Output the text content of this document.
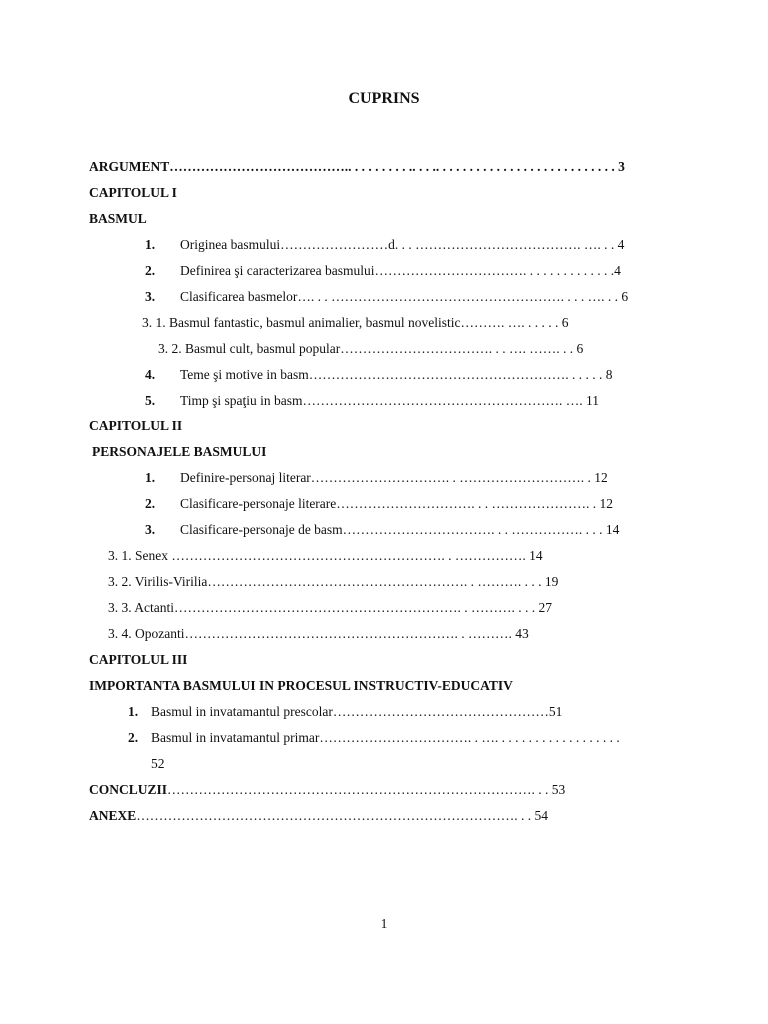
CUPRINS
ARGUMENT………………………………….. . . . . . . . . .. . . .. . . . . . . . . . . . . . . . . . . . . . . . . . . 3
CAPITOLUL I
BASMUL
1. Originea basmului……………………d. . . ………………………………. …. . . 4
2. Definirea şi caracterizarea basmului……………………………. . . . . . . . . . . . . .4
3. Clasificarea basmelor…. . . ……………………………………………. . . . …. . . 6
3. 1. Basmul fantastic, basmul animalier, basmul novelistic………. …. . . . . . 6
3. 2. Basmul cult, basmul popular……………………………. . . …. ……. . . 6
4. Teme şi motive in basm…………………………………………………. . . . . . 8
5. Timp şi spaţiu in basm…………………………………………………. …. 11
CAPITOLUL II
PERSONAJELE BASMULUI
1. Definire-personaj literar…………………………. . ………………………. . 12
2. Clasificare-personaje literare…………………………. . . …………………. . 12
3. Clasificare-personaje de basm……………………………. . . ……………. . . . 14
3. 1. Senex ……………………………………………………. . ……………. 14
3. 2. Virilis-Virilia…………………………………………………. . ………. . . . 19
3. 3. Actanti………………………………………………………. . ………. . . . 27
3. 4. Opozanti……………………………………………………. . ………. 43
CAPITOLUL III
IMPORTANTA BASMULUI IN PROCESUL INSTRUCTIV-EDUCATIV
1. Basmul in invatamantul prescolar…………………………………………51
2. Basmul in invatamantul primar……………………………. . …. . . . . . . . . . . . . . . . . . .
52
CONCLUZII………………………………………………………………………. . . 53
ANEXE…………………………………………………………………………. . . 54
1
